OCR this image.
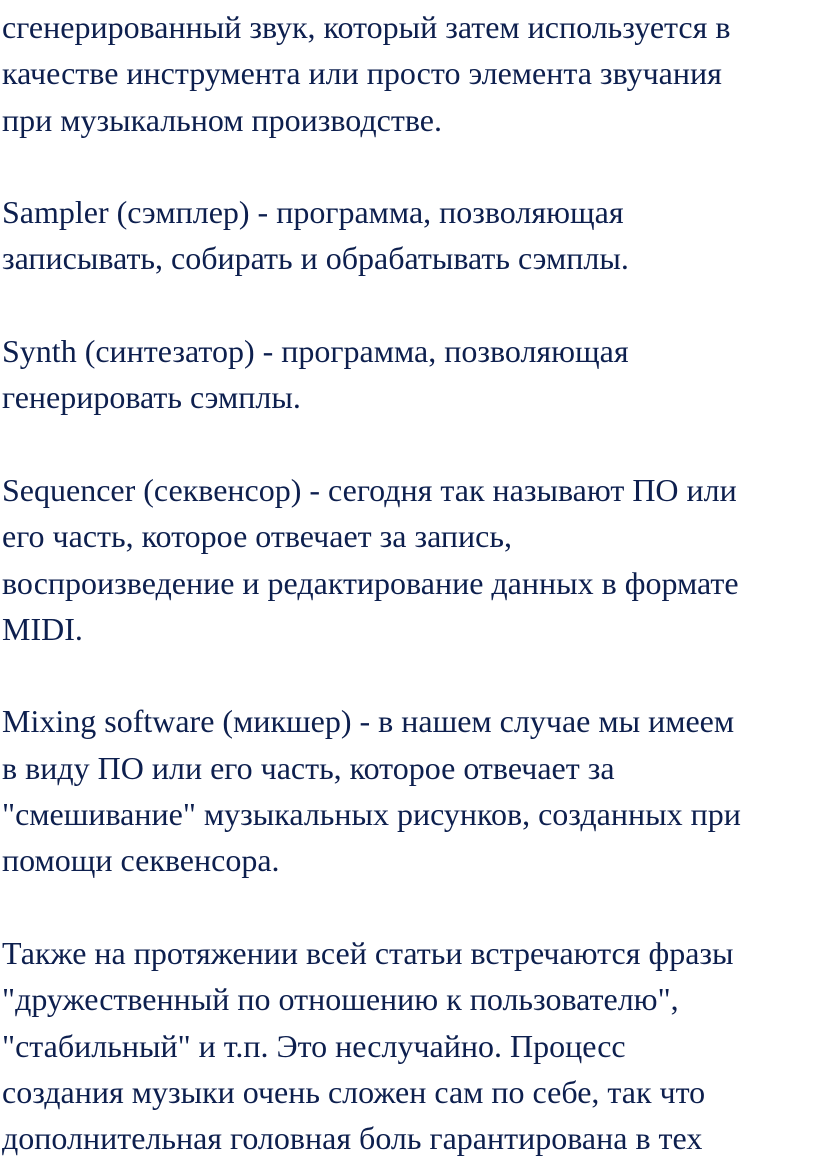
сгенерированный звук, который затем используется в
качестве инструмента или просто элемента звучания
при музыкальном производстве.

Sampler (сэмплер) - программа, позволяющая
записывать, собирать и обрабатывать сэмплы.

Synth (синтезатор) - программа, позволяющая
генерировать сэмплы.

Sequencer (секвенсор) - сегодня так называют ПО или
его часть, которое отвечает за запись,
воспроизведение и редактирование данных в формате
MIDI.

Mixing software (микшер) - в нашем случае мы имеем
в виду ПО или его часть, которое отвечает за
"смешивание" музыкальных рисунков, созданных при
помощи секвенсора.

Также на протяжении всей статьи встречаются фразы
"дружественный по отношению к пользователю",
"стабильный" и т.п. Это неслучайно. Процесс
создания музыки очень сложен сам по себе, так что
дополнительная головная боль гарантирована в тех
